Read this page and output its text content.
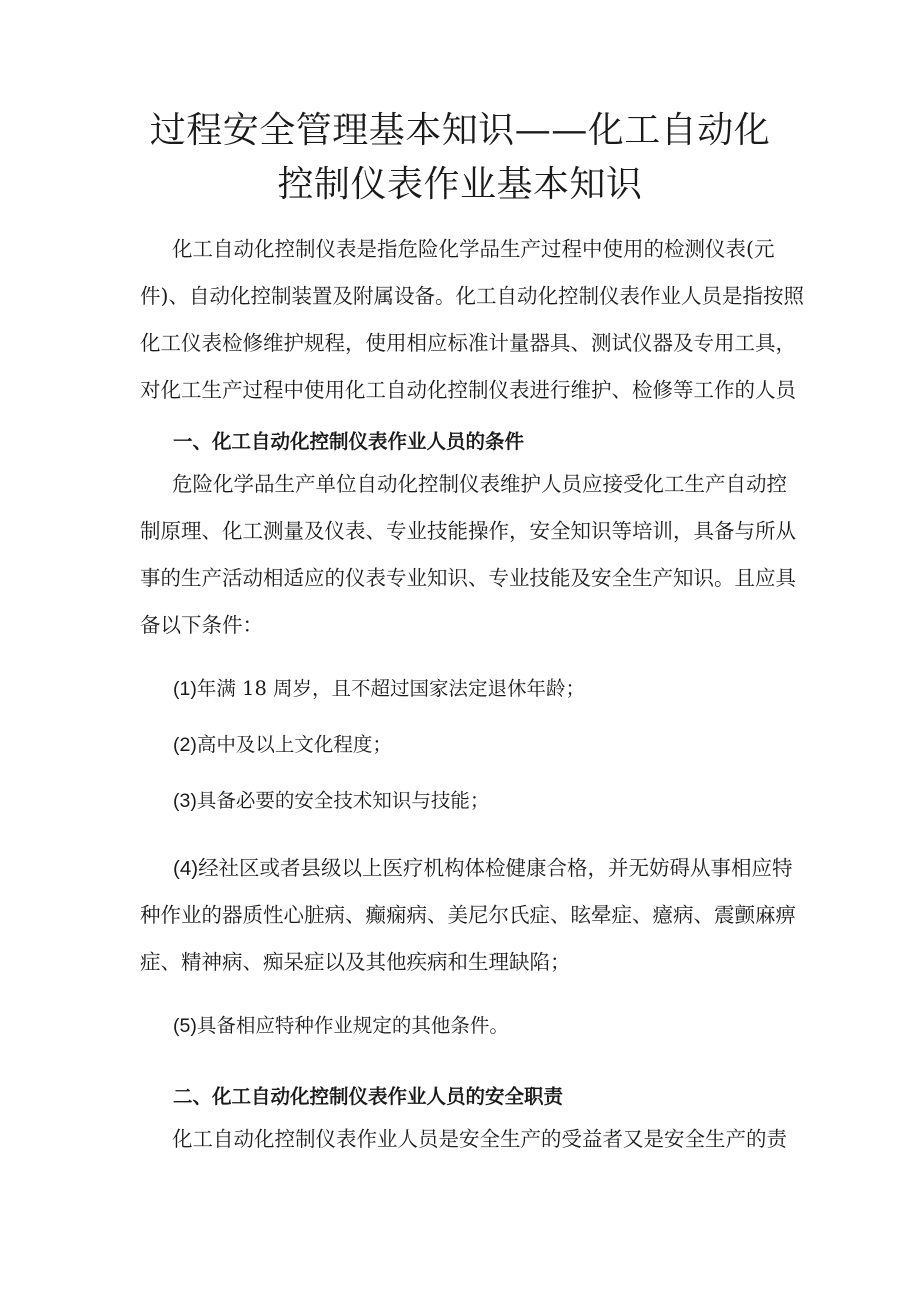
过程安全管理基本知识——化工自动化
控制仪表作业基本知识

化工自动化控制仪表是指危险化学品生产过程中使用的检测仪表(元
件)、自动化控制装置及附属设备。化工自动化控制仪表作业人员是指按照
化工仪表检修维护规程，使用相应标准计量器具、测试仪器及专用工具，
对化工生产过程中使用化工自动化控制仪表进行维护、检修等工作的人员

一、化工自动化控制仪表作业人员的条件

危险化学品生产单位自动化控制仪表维护人员应接受化工生产自动控
制原理、化工测量及仪表、专业技能操作，安全知识等培训，具备与所从
事的生产活动相适应的仪表专业知识、专业技能及安全生产知识。且应具
备以下条件：

(1)年满 18 周岁，且不超过国家法定退休年龄；

(2)高中及以上文化程度；

(3)具备必要的安全技术知识与技能；

(4)经社区或者县级以上医疗机构体检健康合格，并无妨碍从事相应特
种作业的器质性心脏病、癫痫病、美尼尔氏症、眩晕症、癔病、震颤麻痹
症、精神病、痴呆症以及其他疾病和生理缺陷；

(5)具备相应特种作业规定的其他条件。

二、化工自动化控制仪表作业人员的安全职责

化工自动化控制仪表作业人员是安全生产的受益者又是安全生产的责
